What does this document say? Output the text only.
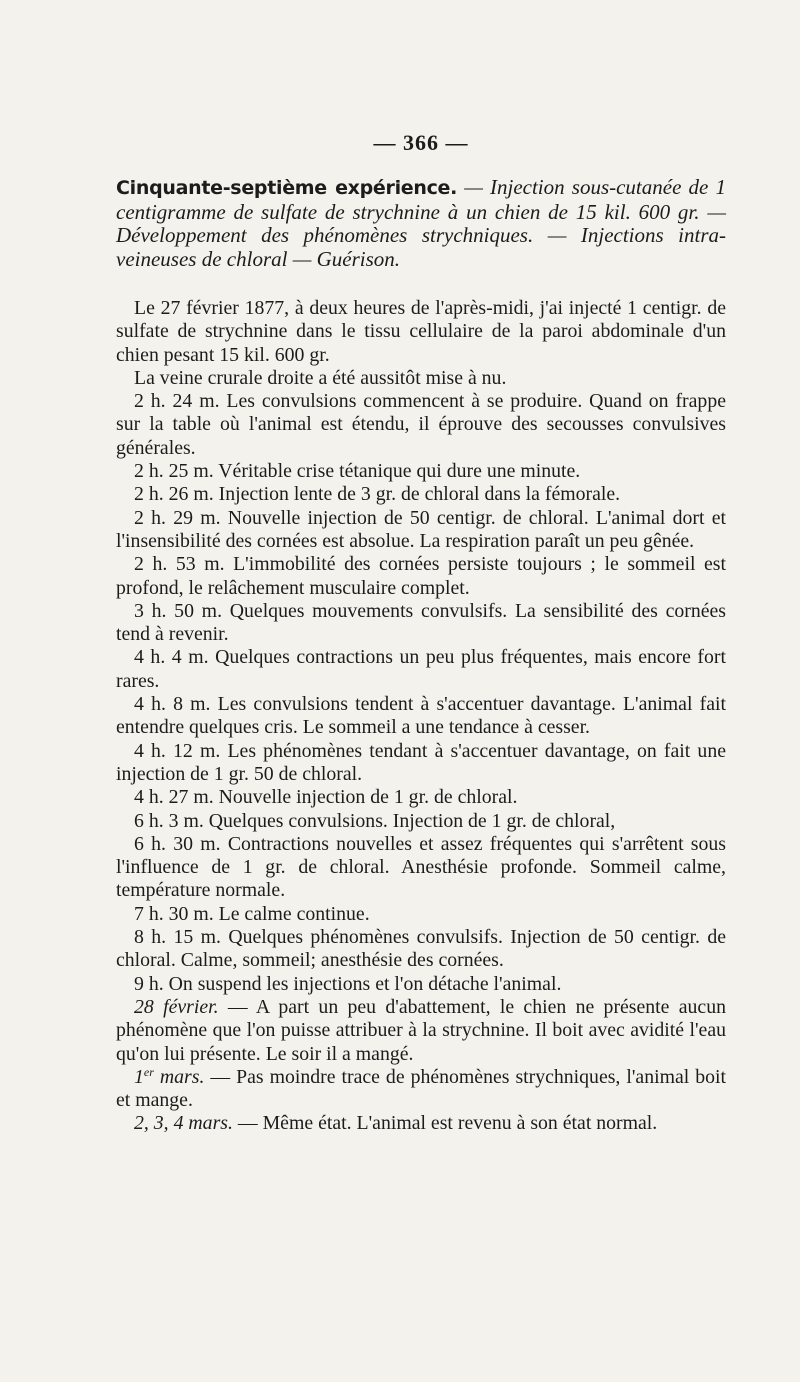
— 366 —
Cinquante-septième expérience. — Injection sous-cutanée de 1 centigramme de sulfate de strychnine à un chien de 15 kil. 600 gr. — Développement des phénomènes strychniques. — Injections intra-veineuses de chloral — Guérison.

Le 27 février 1877, à deux heures de l'après-midi, j'ai injecté 1 centigr. de sulfate de strychnine dans le tissu cellulaire de la paroi abdominale d'un chien pesant 15 kil. 600 gr.

La veine crurale droite a été aussitôt mise à nu.

2 h. 24 m. Les convulsions commencent à se produire. Quand on frappe sur la table où l'animal est étendu, il éprouve des secousses convulsives générales.

2 h. 25 m. Véritable crise tétanique qui dure une minute.

2 h. 26 m. Injection lente de 3 gr. de chloral dans la fémorale.

2 h. 29 m. Nouvelle injection de 50 centigr. de chloral. L'animal dort et l'insensibilité des cornées est absolue. La respiration paraît un peu gênée.

2 h. 53 m. L'immobilité des cornées persiste toujours ; le sommeil est profond, le relâchement musculaire complet.

3 h. 50 m. Quelques mouvements convulsifs. La sensibilité des cornées tend à revenir.

4 h. 4 m. Quelques contractions un peu plus fréquentes, mais encore fort rares.

4 h. 8 m. Les convulsions tendent à s'accentuer davantage. L'animal fait entendre quelques cris. Le sommeil a une tendance à cesser.

4 h. 12 m. Les phénomènes tendant à s'accentuer davantage, on fait une injection de 1 gr. 50 de chloral.

4 h. 27 m. Nouvelle injection de 1 gr. de chloral.

6 h. 3 m. Quelques convulsions. Injection de 1 gr. de chloral,

6 h. 30 m. Contractions nouvelles et assez fréquentes qui s'arrêtent sous l'influence de 1 gr. de chloral. Anesthésie profonde. Sommeil calme, température normale.

7 h. 30 m. Le calme continue.

8 h. 15 m. Quelques phénomènes convulsifs. Injection de 50 centigr. de chloral. Calme, sommeil; anesthésie des cornées.

9 h. On suspend les injections et l'on détache l'animal.

28 février. — A part un peu d'abattement, le chien ne présente aucun phénomène que l'on puisse attribuer à la strychnine. Il boit avec avidité l'eau qu'on lui présente. Le soir il a mangé.

1er mars. — Pas moindre trace de phénomènes strychniques, l'animal boit et mange.

2, 3, 4 mars. — Même état. L'animal est revenu à son état normal.
